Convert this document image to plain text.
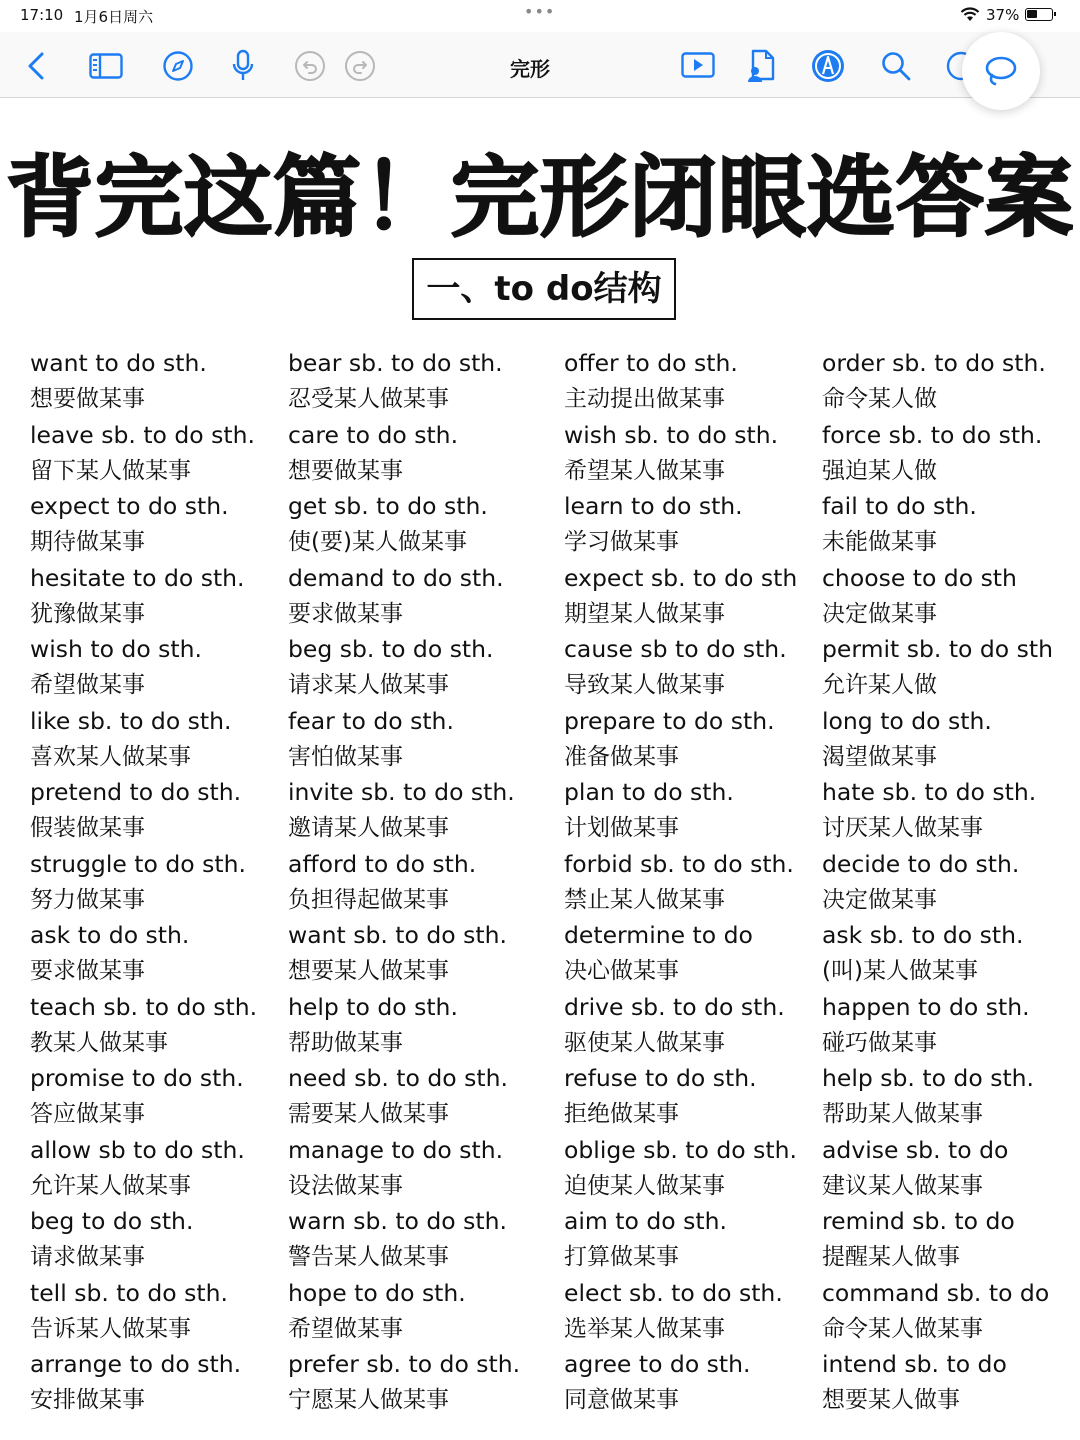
17:10 1月6日周六	•••	37%
完形
背完这篇！完形闭眼选答案
一、to do结构
want to do sth.
想要做某事
leave sb. to do sth.
留下某人做某事
expect to do sth.
期待做某事
hesitate to do sth.
犹豫做某事
wish to do sth.
希望做某事
like sb. to do sth.
喜欢某人做某事
pretend to do sth.
假装做某事
struggle to do sth.
努力做某事
ask to do sth.
要求做某事
teach sb. to do sth.
教某人做某事
promise to do sth.
答应做某事
allow sb to do sth.
允许某人做某事
beg to do sth.
请求做某事
tell sb. to do sth.
告诉某人做某事
arrange to do sth.
安排做某事
bear sb. to do sth.
忍受某人做某事
care to do sth.
想要做某事
get sb. to do sth.
使(要)某人做某事
demand to do sth.
要求做某事
beg sb. to do sth.
请求某人做某事
fear to do sth.
害怕做某事
invite sb. to do sth.
邀请某人做某事
afford to do sth.
负担得起做某事
want sb. to do sth.
想要某人做某事
help to do sth.
帮助做某事
need sb. to do sth.
需要某人做某事
manage to do sth.
设法做某事
warn sb. to do sth.
警告某人做某事
hope to do sth.
希望做某事
prefer sb. to do sth.
宁愿某人做某事
offer to do sth.
主动提出做某事
wish sb. to do sth.
希望某人做某事
learn to do sth.
学习做某事
expect sb. to do sth
期望某人做某事
cause sb to do sth.
导致某人做某事
prepare to do sth.
准备做某事
plan to do sth.
计划做某事
forbid sb. to do sth.
禁止某人做某事
determine to do
决心做某事
drive sb. to do sth.
驱使某人做某事
refuse to do sth.
拒绝做某事
oblige sb. to do sth.
迫使某人做某事
aim to do sth.
打算做某事
elect sb. to do sth.
选举某人做某事
agree to do sth.
同意做某事
order sb. to do sth.
命令某人做
force sb. to do sth.
强迫某人做
fail to do sth.
未能做某事
choose to do sth
决定做某事
permit sb. to do sth
允许某人做
long to do sth.
渴望做某事
hate sb. to do sth.
讨厌某人做某事
decide to do sth.
决定做某事
ask sb. to do sth.
(叫)某人做某事
happen to do sth.
碰巧做某事
help sb. to do sth.
帮助某人做某事
advise sb. to do
建议某人做某事
remind sb. to do
提醒某人做事
command sb. to do
命令某人做某事
intend sb. to do
想要某人做事
